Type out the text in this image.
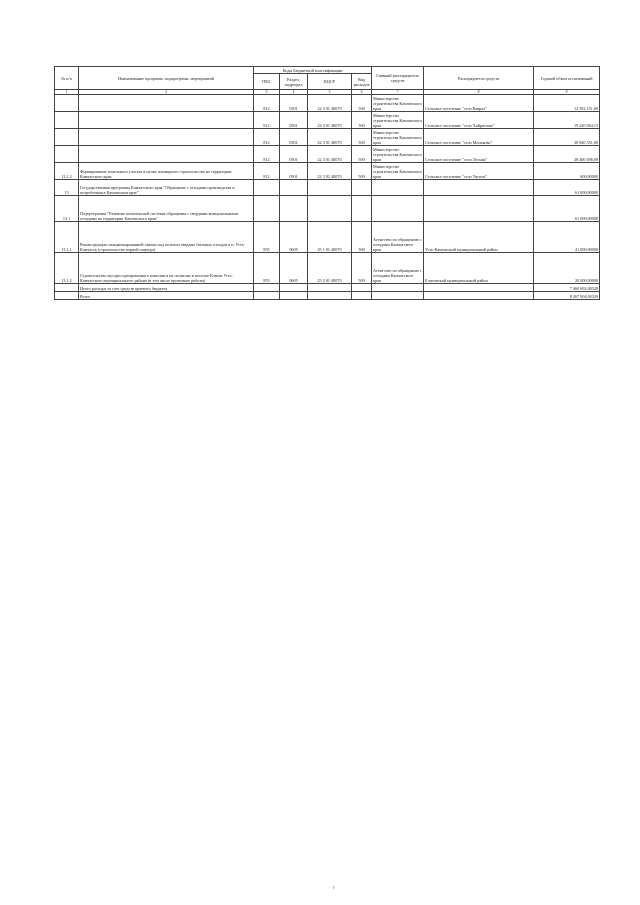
№ п/п	Наименование программ, подпрограмм, мероприятий	Коды Бюджетной классификации				Главный распорядитель средств	Распорядитель средств	Годовой объем ассигнований
		ГРБС	Раздел, подраздел	КЦСР	Вид расходов			
1	2	3	4	5	6	7	8	9
		812	0501	22 3 01 40070	500	Министерство строительства Камчатского края	Сельское поселение "село Каврал"	12 592 151,00
		812	0501	22 3 01 40070	500	Министерство строительства Камчатского края	Сельское поселение "село Хайрюзово"	19 220 064,15
		812	0501	22 3 01 40070	500	Министерство строительства Камчатского края	Сельское поселение "село Мильково"	30 840 351,00
		812	0501	22 3 01 40070	500	Министерство строительства Камчатского края	Сельское поселение "село Лесная"	28 400 496,00
12.1.2	Формирование земельного участка в целях жилищного строительства на территории Камчатского края	812	0501	22 3 02 40070	500	Министерство строительства Камчатского края	Сельское поселение "село Тигиль"	600,00000
13	Государственная программа Камчатского края "Обращение с отходами производства и потребления в Камчатском крае"							61 000,00000
13.1	Подпрограмма "Развитие комплексной системы обращения с твердыми коммунальными отходами на территории Камчатского края"							61 000,00000
13.1.1	Реконструкция санкционированной свалки под полигон твердых бытовых отходов в п. Усть-Камчатск (строительство первой очереди)	855	0605	25 1 01 40070	500	Агентство по обращению с отходами Камчатского края	Усть-Камчатский муниципальный район	41 000,00000
13.1.2	Строительство мусоросортировочного комплекса на полигоне в поселке Ключи Усть-Камчатского муниципального района (в том числе проектные работы)	855	0605	25 2 01 40070	500	Агентство по обращению с отходами Камчатского края	Елизовский муниципальный район	20 000,00000
	Итого расходы за счет средств краевого бюджета							7 460 692,00320
	Всего							8 267 904,00320
г
